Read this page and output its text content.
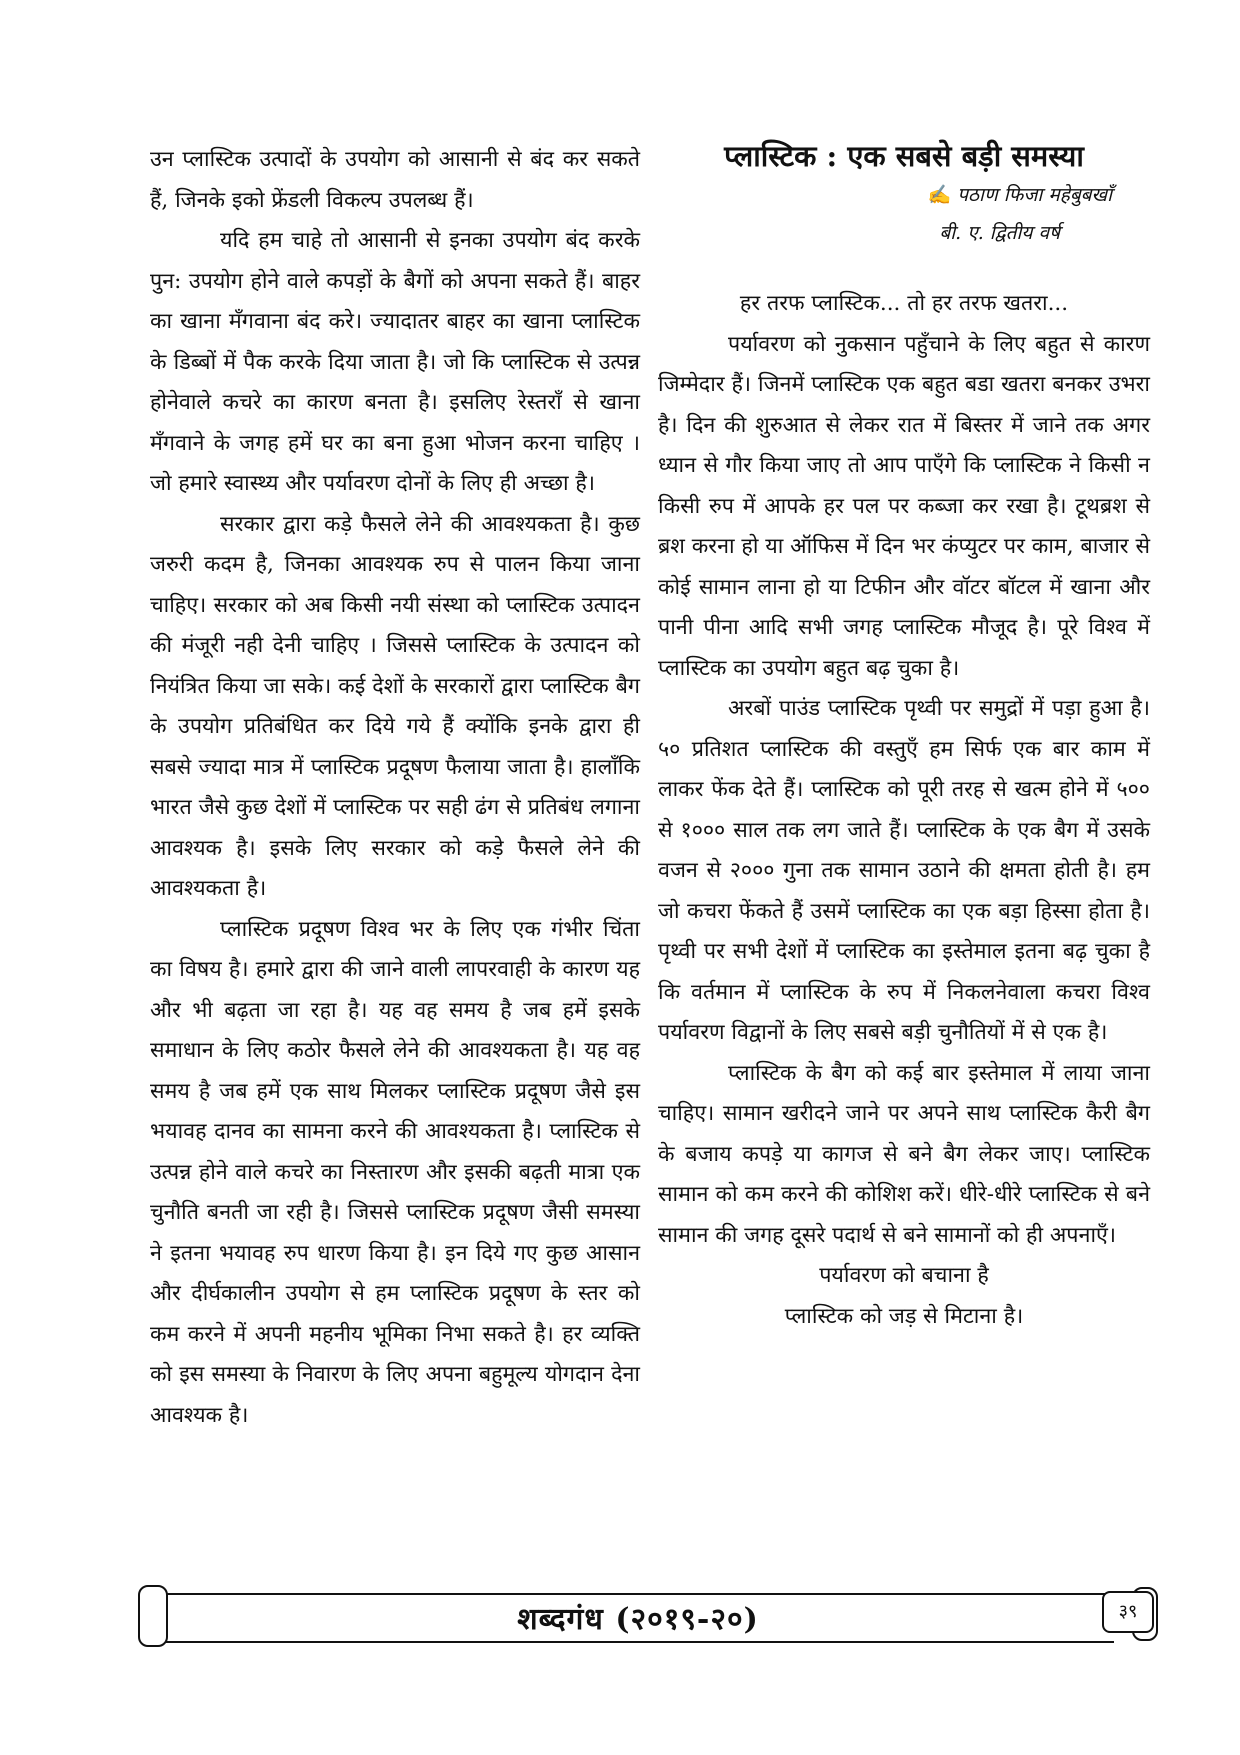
उन प्लास्टिक उत्पादों के उपयोग को आसानी से बंद कर सकते हैं, जिनके इको फ्रेंडली विकल्प उपलब्ध हैं।

यदि हम चाहे तो आसानी से इनका उपयोग बंद करके पुन: उपयोग होने वाले कपड़ों के बैगों को अपना सकते हैं। बाहर का खाना मँगवाना बंद करे। ज्यादातर बाहर का खाना प्लास्टिक के डिब्बों में पैक करके दिया जाता है। जो कि प्लास्टिक से उत्पन्न होनेवाले कचरे का कारण बनता है। इसलिए रेस्तराँ से खाना मँगवाने के जगह हमें घर का बना हुआ भोजन करना चाहिए । जो हमारे स्वास्थ्य और पर्यावरण दोनों के लिए ही अच्छा है।

सरकार द्वारा कड़े फैसले लेने की आवश्यकता है। कुछ जरुरी कदम है, जिनका आवश्यक रुप से पालन किया जाना चाहिए। सरकार को अब किसी नयी संस्था को प्लास्टिक उत्पादन की मंजूरी नही देनी चाहिए । जिससे प्लास्टिक के उत्पादन को नियंत्रित किया जा सके। कई देशों के सरकारों द्वारा प्लास्टिक बैग के उपयोग प्रतिबंधित कर दिये गये हैं क्योंकि इनके द्वारा ही सबसे ज्यादा मात्र में प्लास्टिक प्रदूषण फैलाया जाता है। हालाँकि भारत जैसे कुछ देशों में प्लास्टिक पर सही ढंग से प्रतिबंध लगाना आवश्यक है। इसके लिए सरकार को कड़े फैसले लेने की आवश्यकता है।

प्लास्टिक प्रदूषण विश्व भर के लिए एक गंभीर चिंता का विषय है। हमारे द्वारा की जाने वाली लापरवाही के कारण यह और भी बढ़ता जा रहा है। यह वह समय है जब हमें इसके समाधान के लिए कठोर फैसले लेने की आवश्यकता है। यह वह समय है जब हमें एक साथ मिलकर प्लास्टिक प्रदूषण जैसे इस भयावह दानव का सामना करने की आवश्यकता है। प्लास्टिक से उत्पन्न होने वाले कचरे का निस्तारण और इसकी बढ़ती मात्रा एक चुनौति बनती जा रही है। जिससे प्लास्टिक प्रदूषण जैसी समस्या ने इतना भयावह रुप धारण किया है। इन दिये गए कुछ आसान और दीर्घकालीन उपयोग से हम प्लास्टिक प्रदूषण के स्तर को कम करने में अपनी महनीय भूमिका निभा सकते है। हर व्यक्ति को इस समस्या के निवारण के लिए अपना बहुमूल्य योगदान देना आवश्यक है।

प्लास्टिक : एक सबसे बड़ी समस्या
✍ पठाण फिजा महेबुबखाँ
बी. ए. द्वितीय वर्ष

हर तरफ प्लास्टिक... तो हर तरफ खतरा...

पर्यावरण को नुकसान पहुँचाने के लिए बहुत से कारण जिम्मेदार हैं। जिनमें प्लास्टिक एक बहुत बडा खतरा बनकर उभरा है। दिन की शुरुआत से लेकर रात में बिस्तर में जाने तक अगर ध्यान से गौर किया जाए तो आप पाएँगे कि प्लास्टिक ने किसी न किसी रुप में आपके हर पल पर कब्जा कर रखा है। टूथब्रश से ब्रश करना हो या ऑफिस में दिन भर कंप्युटर पर काम, बाजार से कोई सामान लाना हो या टिफीन और वॉटर बॉटल में खाना और पानी पीना आदि सभी जगह प्लास्टिक मौजूद है। पूरे विश्व में प्लास्टिक का उपयोग बहुत बढ़ चुका है।

अरबों पाउंड प्लास्टिक पृथ्वी पर समुद्रों में पड़ा हुआ है। ५० प्रतिशत प्लास्टिक की वस्तुएँ हम सिर्फ एक बार काम में लाकर फेंक देते हैं। प्लास्टिक को पूरी तरह से खत्म होने में ५०० से १००० साल तक लग जाते हैं। प्लास्टिक के एक बैग में उसके वजन से २००० गुना तक सामान उठाने की क्षमता होती है। हम जो कचरा फेंकते हैं उसमें प्लास्टिक का एक बड़ा हिस्सा होता है। पृथ्वी पर सभी देशों में प्लास्टिक का इस्तेमाल इतना बढ़ चुका है कि वर्तमान में प्लास्टिक के रुप में निकलनेवाला कचरा विश्व पर्यावरण विद्वानों के लिए सबसे बड़ी चुनौतियों में से एक है।

प्लास्टिक के बैग को कई बार इस्तेमाल में लाया जाना चाहिए। सामान खरीदने जाने पर अपने साथ प्लास्टिक कैरी बैग के बजाय कपड़े या कागज से बने बैग लेकर जाए। प्लास्टिक सामान को कम करने की कोशिश करें। धीरे-धीरे प्लास्टिक से बने सामान की जगह दूसरे पदार्थ से बने सामानों को ही अपनाएँ।

पर्यावरण को बचाना है

प्लास्टिक को जड़ से मिटाना है।

शब्दगंध (२०१९-२०)	३९
